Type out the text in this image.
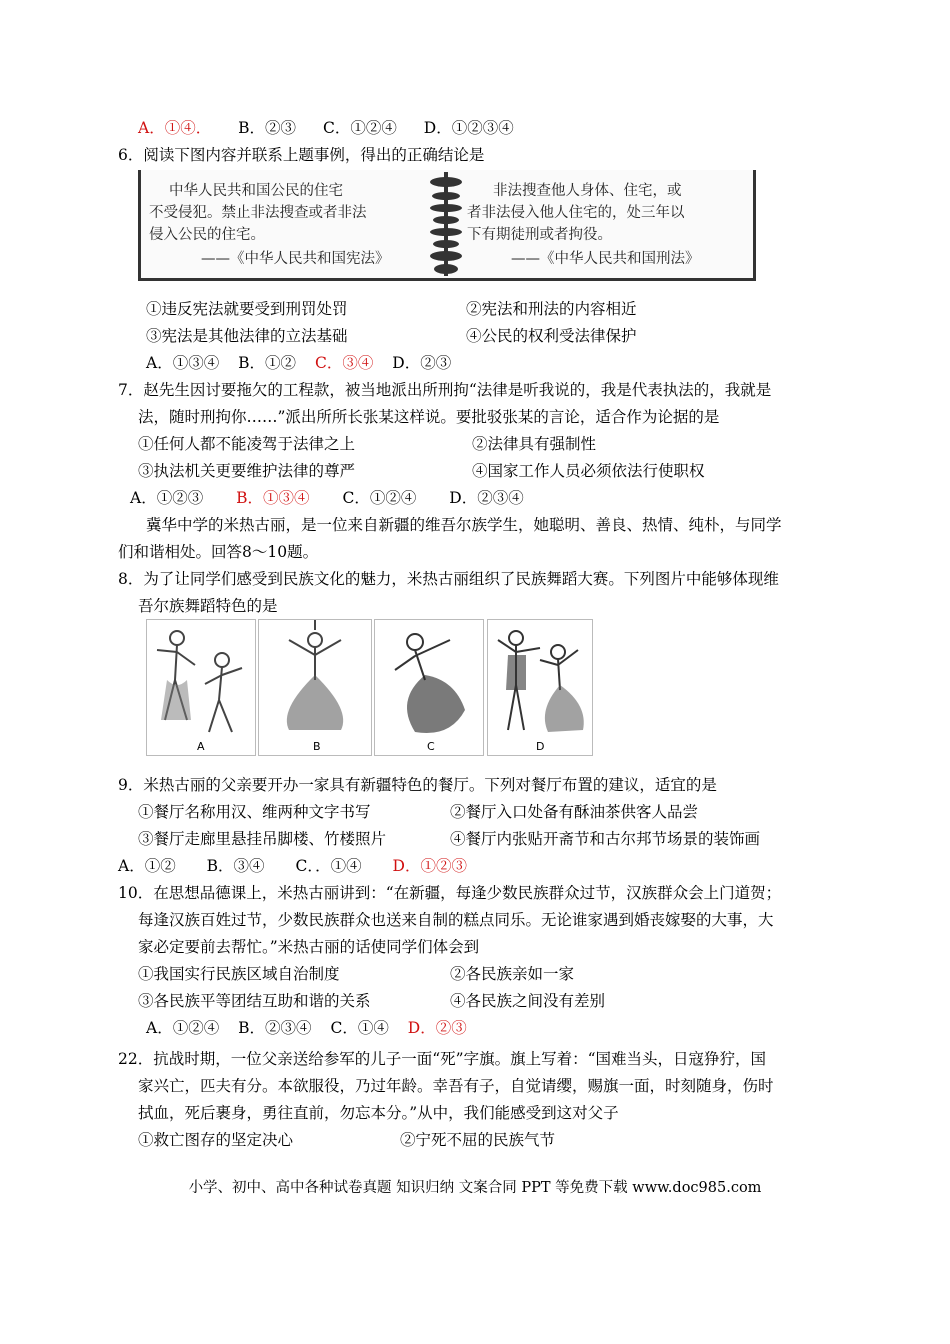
A．①④． B．②③ C．①②④ D．①②③④
6．阅读下图内容并联系上题事例，得出的正确结论是
中华人民共和国公民的住宅
不受侵犯。禁止非法搜查或者非法
侵入公民的住宅。
——《中华人民共和国宪法》
非法搜查他人身体、住宅，或
者非法侵入他人住宅的，处三年以
下有期徒刑或者拘役。
——《中华人民共和国刑法》
①违反宪法就要受到刑罚处罚	②宪法和刑法的内容相近
③宪法是其他法律的立法基础	④公民的权利受法律保护
A．①③④ B．①② C．③④ D．②③
7．赵先生因讨要拖欠的工程款，被当地派出所刑拘“法律是听我说的，我是代表执法的，我就是
法，随时刑拘你……”派出所所长张某这样说。要批驳张某的言论，适合作为论据的是
①任何人都不能凌驾于法律之上	②法律具有强制性
③执法机关更要维护法律的尊严	④国家工作人员必须依法行使职权
A．①②③ B．①③④ C．①②④ D．②③④
冀华中学的米热古丽，是一位来自新疆的维吾尔族学生，她聪明、善良、热情、纯朴，与同学
们和谐相处。回答8～10题。
8．为了让同学们感受到民族文化的魅力，米热古丽组织了民族舞蹈大赛。下列图片中能够体现维
吾尔族舞蹈特色的是
A	B	C	D
9．米热古丽的父亲要开办一家具有新疆特色的餐厅。下列对餐厅布置的建议，适宜的是
①餐厅名称用汉、维两种文字书写	②餐厅入口处备有酥油茶供客人品尝
③餐厅走廊里悬挂吊脚楼、竹楼照片	④餐厅内张贴开斋节和古尔邦节场景的装饰画
A．①② B．③④ C．．①④ D．①②③
10．在思想品德课上，米热古丽讲到：“在新疆，每逢少数民族群众过节，汉族群众会上门道贺；
每逢汉族百姓过节，少数民族群众也送来自制的糕点同乐。无论谁家遇到婚丧嫁娶的大事，大
家必定要前去帮忙。”米热古丽的话使同学们体会到
①我国实行民族区域自治制度	②各民族亲如一家
③各民族平等团结互助和谐的关系	④各民族之间没有差别
A．①②④ B．②③④ C．①④ D．②③
22．抗战时期，一位父亲送给参军的儿子一面“死”字旗。旗上写着：“国难当头，日寇狰狞，国
家兴亡，匹夫有分。本欲服役，乃过年龄。幸吾有子，自觉请缨，赐旗一面，时刻随身，伤时
拭血，死后裹身，勇往直前，勿忘本分。”从中，我们能感受到这对父子
①救亡图存的坚定决心	②宁死不屈的民族气节
小学、初中、高中各种试卷真题 知识归纳 文案合同 PPT 等免费下载 www.doc985.com
